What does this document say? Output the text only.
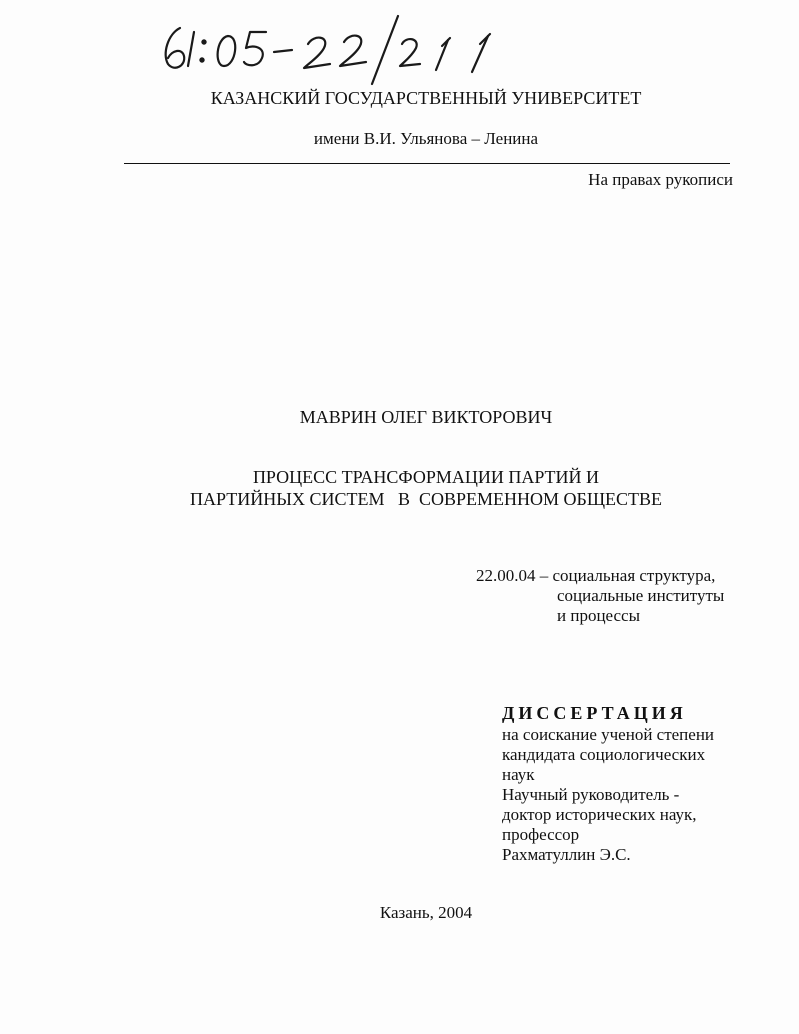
КАЗАНСКИЙ ГОСУДАРСТВЕННЫЙ УНИВЕРСИТЕТ
имени В.И. Ульянова – Ленина
На правах рукописи
МАВРИН ОЛЕГ ВИКТОРОВИЧ
ПРОЦЕСС ТРАНСФОРМАЦИИ ПАРТИЙ И
ПАРТИЙНЫХ СИСТЕМ   В  СОВРЕМЕННОМ ОБЩЕСТВЕ
22.00.04 – социальная структура,
социальные институты
и процессы
ДИССЕРТАЦИЯ
на соискание ученой степени
кандидата социологических
наук
Научный руководитель -
доктор исторических наук,
профессор
Рахматуллин Э.С.
Казань, 2004
